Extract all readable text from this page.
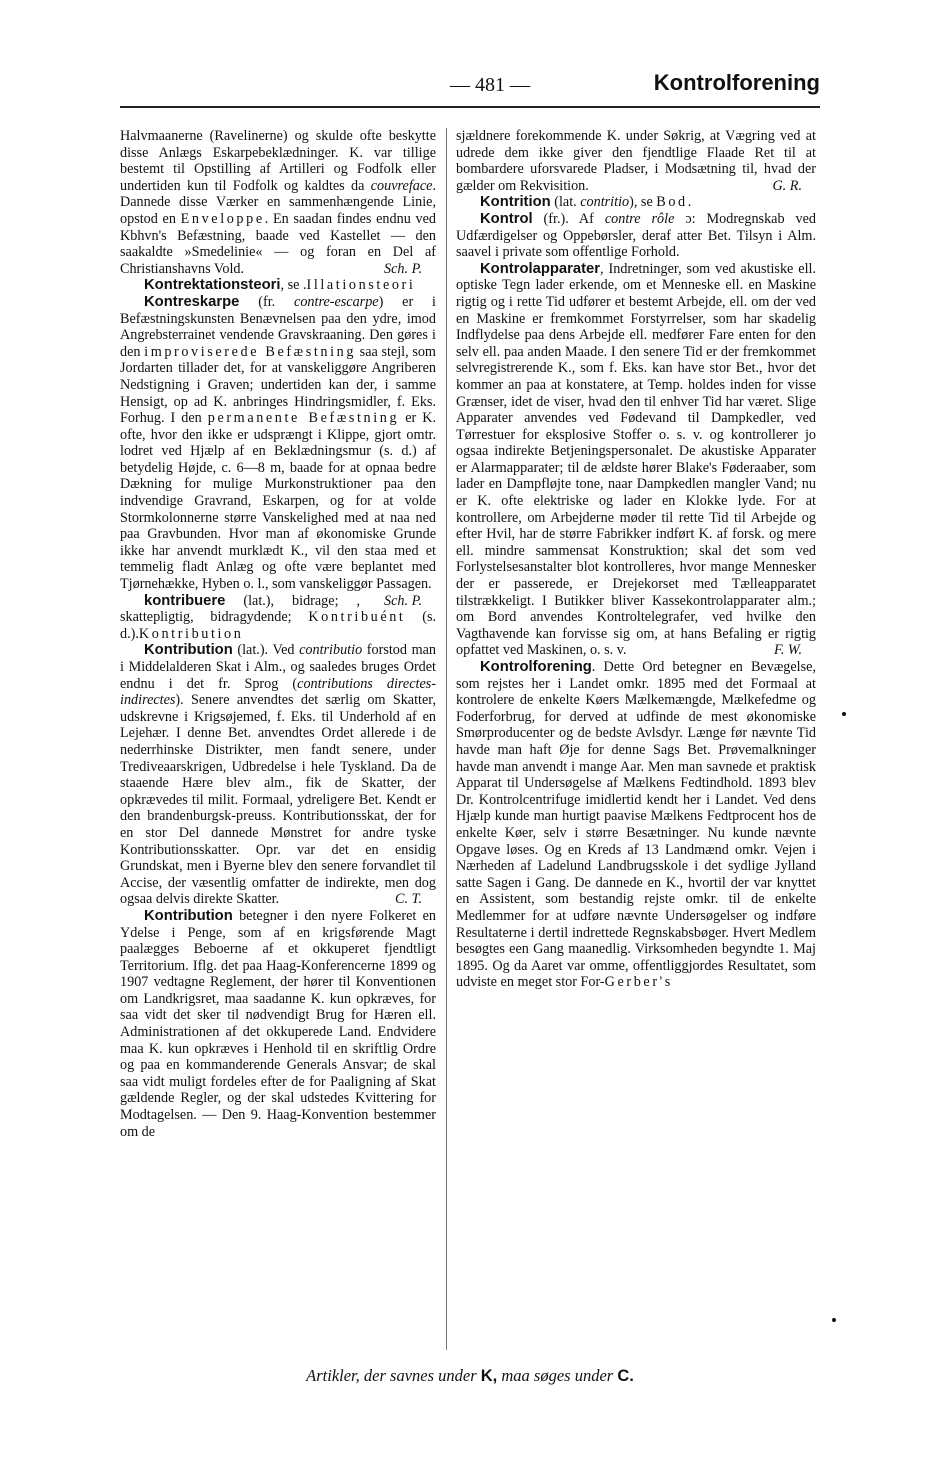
— 481 —	Kontrolforening

Halvmaanerne (Ravelinerne) og skulde ofte beskytte disse Anlægs Eskarpebeklædninger. K. var tillige bestemt til Opstilling af Artilleri og Fodfolk eller undertiden kun til Fodfolk og kaldtes da couvreface. Dannede disse Værker en sammenhængende Linie, opstod en Enveloppe. En saadan findes endnu ved Kbhvn's Befæstning, baade ved Kastellet — den saakaldte »Smedelinie« — og foran en Del af Christianshavns Vold.	Sch. P.

Kontrektationsteori, se .Illationsteori

Kontreskarpe (fr. contre-escarpe) er i Befæstningskunsten Benævnelsen paa den ydre, imod Angrebsterrainet vendende Gravskraaning. Den gøres i den improviserede Befæstning saa stejl, som Jordarten tillader det, for at vanskeliggøre Angriberen Nedstigning i Graven; undertiden kan der, i samme Hensigt, op ad K. anbringes Hindringsmidler, f. Eks. Forhug. I den permanente Befæstning er K. ofte, hvor den ikke er udsprængt i Klippe, gjort omtr. lodret ved Hjælp af en Beklædningsmur (s. d.) af betydelig Højde, c. 6—8 m, baade for at opnaa bedre Dækning for mulige Murkonstruktioner paa den indvendige Gravrand, Eskarpen, og for at volde Stormkolonnerne større Vanskelighed med at naa ned paa Gravbunden. Hvor man af økonomiske Grunde ikke har anvendt murklædt K., vil den staa med et temmelig fladt Anlæg og ofte være beplantet med Tjørnehække, Hyben o. l., som vanskeliggør Passagen.
Sch. P.

kontribuere (lat.), bidrage; , skattepligtig, bidragydende; Kontribuént (s. d.).Kontribution

Kontribution (lat.). Ved contributio forstod man i Middelalderen Skat i Alm., og saaledes bruges Ordet endnu i det fr. Sprog (contributions directes-indirectes). Senere anvendtes det særlig om Skatter, udskrevne i Krigsøjemed, f. Eks. til Underhold af en Lejehær. I denne Bet. anvendtes Ordet allerede i de nederrhinske Distrikter, men fandt senere, under Trediveaarskrigen, Udbredelse i hele Tyskland. Da de staaende Hære blev alm., fik de Skatter, der opkrævedes til milit. Formaal, ydreligere Bet. Kendt er den brandenburgsk-preuss. Kontributionsskat, der for en stor Del dannede Mønstret for andre tyske Kontributionsskatter. Opr. var det en ensidig Grundskat, men i Byerne blev den senere forvandlet til Accise, der væsentlig omfatter de indirekte, men dog ogsaa delvis direkte Skatter.	C. T.

Kontribution betegner i den nyere Folkeret en Ydelse i Penge, som af en krigsførende Magt paalægges Beboerne af et okkuperet fjendtligt Territorium. Iflg. det paa Haag-Konferencerne 1899 og 1907 vedtagne Reglement, der hører til Konventionen om Landkrigsret, maa saadanne K. kun opkræves, for saa vidt det sker til nødvendigt Brug for Hæren ell. Administrationen af det okkuperede Land. Endvidere maa K. kun opkræves i Henhold til en skriftlig Ordre og paa en kommanderende Generals Ansvar; de skal saa vidt muligt fordeles efter de for Paaligning af Skat gældende Regler, og der skal udstedes Kvittering for Modtagelsen. — Den 9. Haag-Konvention bestemmer om de

sjældnere forekommende K. under Søkrig, at Vægring ved at udrede dem ikke giver den fjendtlige Flaade Ret til at bombardere uforsvarede Pladser, i Modsætning til, hvad der gælder om Rekvisition.	G. R.

Kontrition (lat. contritio), se Bod.

Kontrol (fr.). Af contre rôle ɔ: Modregnskab ved Udfærdigelser og Oppebørsler, deraf atter Bet. Tilsyn i Alm. saavel i private som offentlige Forhold.

Kontrolapparater, Indretninger, som ved akustiske ell. optiske Tegn lader erkende, om et Menneske ell. en Maskine rigtig og i rette Tid udfører et bestemt Arbejde, ell. om der ved en Maskine er fremkommet Forstyrrelser, som har skadelig Indflydelse paa dens Arbejde ell. medfører Fare enten for den selv ell. paa anden Maade. I den senere Tid er der fremkommet selvregistrerende K., som f. Eks. kan have stor Bet., hvor det kommer an paa at konstatere, at Temp. holdes inden for visse Grænser, idet de viser, hvad den til enhver Tid har været. Slige Apparater anvendes ved Fødevand til Dampkedler, ved Tørrestuer for eksplosive Stoffer o. s. v. og kontrollerer jo ogsaa indirekte Betjeningspersonalet. De akustiske Apparater er Alarmapparater; til de ældste hører Blake's Føderaaber, som lader en Dampfløjte tone, naar Dampkedlen mangler Vand; nu er K. ofte elektriske og lader en Klokke lyde. For at kontrollere, om Arbejderne møder til rette Tid til Arbejde og efter Hvil, har de større Fabrikker indført K. af forsk. og mere ell. mindre sammensat Konstruktion; skal det som ved Forlystelsesanstalter blot kontrolleres, hvor mange Mennesker der er passerede, er Drejekorset med Tælleapparatet tilstrækkeligt. I Butikker bliver Kassekontrolapparater alm.; om Bord anvendes Kontroltelegrafer, ved hvilke den Vagthavende kan forvisse sig om, at hans Befaling er rigtig opfattet ved Maskinen, o. s. v.	F. W.

Kontrolforening. Dette Ord betegner en Bevægelse, som rejstes her i Landet omkr. 1895 med det Formaal at kontrolere de enkelte Køers Mælkemængde, Mælkefedme og Foderforbrug, for derved at udfinde de mest økonomiske Smørproducenter og de bedste Avlsdyr. Længe før nævnte Tid havde man haft Øje for denne Sags Bet. Prøvemalkninger havde man anvendt i mange Aar. Men man savnede et praktisk Apparat til Undersøgelse af Mælkens Fedtindhold. 1893 blev Dr. Kontrolcentrifuge imidlertid kendt her i Landet. Ved dens Hjælp kunde man hurtigt paavise Mælkens Fedtprocent hos de enkelte Køer, selv i større Besætninger. Nu kunde nævnte Opgave løses. Og en Kreds af 13 Landmænd omkr. Vejen i Nærheden af Ladelund Landbrugsskole i det sydlige Jylland satte Sagen i Gang. De dannede en K., hvortil der var knyttet en Assistent, som bestandig rejste omkr. til de enkelte Medlemmer for at udføre nævnte Undersøgelser og indføre Resultaterne i dertil indrettede Regnskabsbøger. Hvert Medlem besøgtes een Gang maanedlig. Virksomheden begyndte 1. Maj 1895. Og da Aaret var omme, offentliggjordes Resultatet, som udviste en meget stor For-Gerber's

Artikler, der savnes under K, maa søges under C.
